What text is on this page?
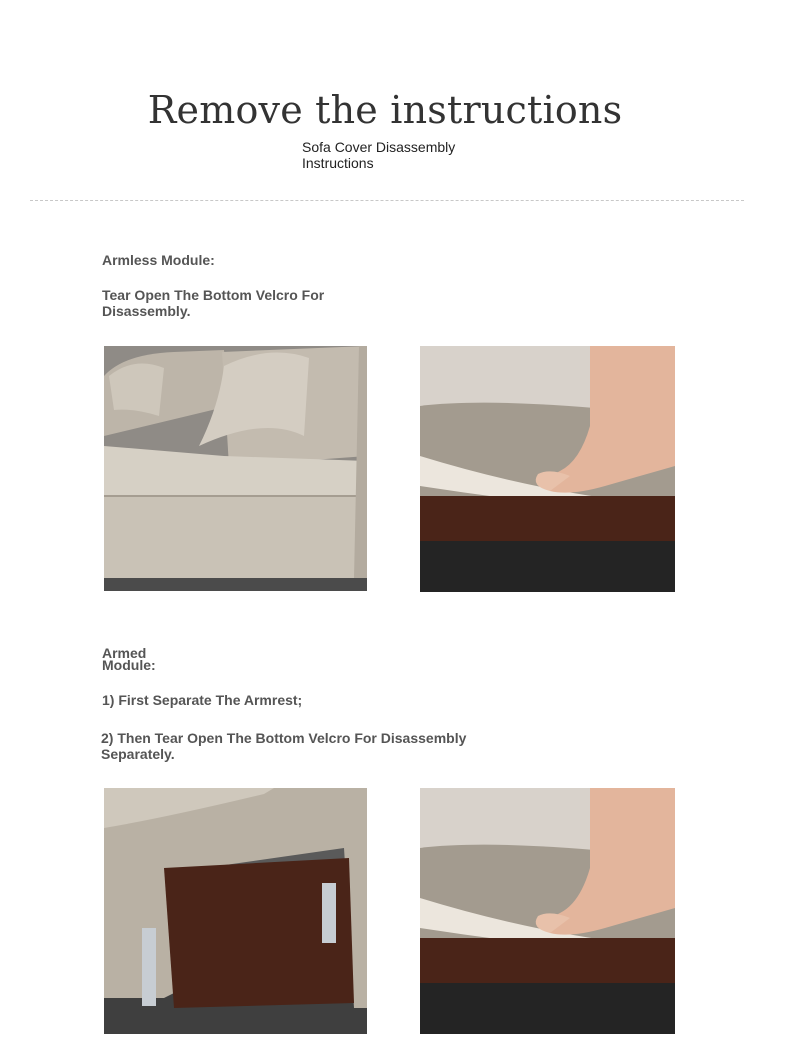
Remove the instructions
Sofa Cover Disassembly Instructions
Armless Module:
Tear Open The Bottom Velcro For Disassembly.
Armed
Module:
1) First Separate The Armrest;
2) Then Tear Open The Bottom Velcro For Disassembly Separately.
